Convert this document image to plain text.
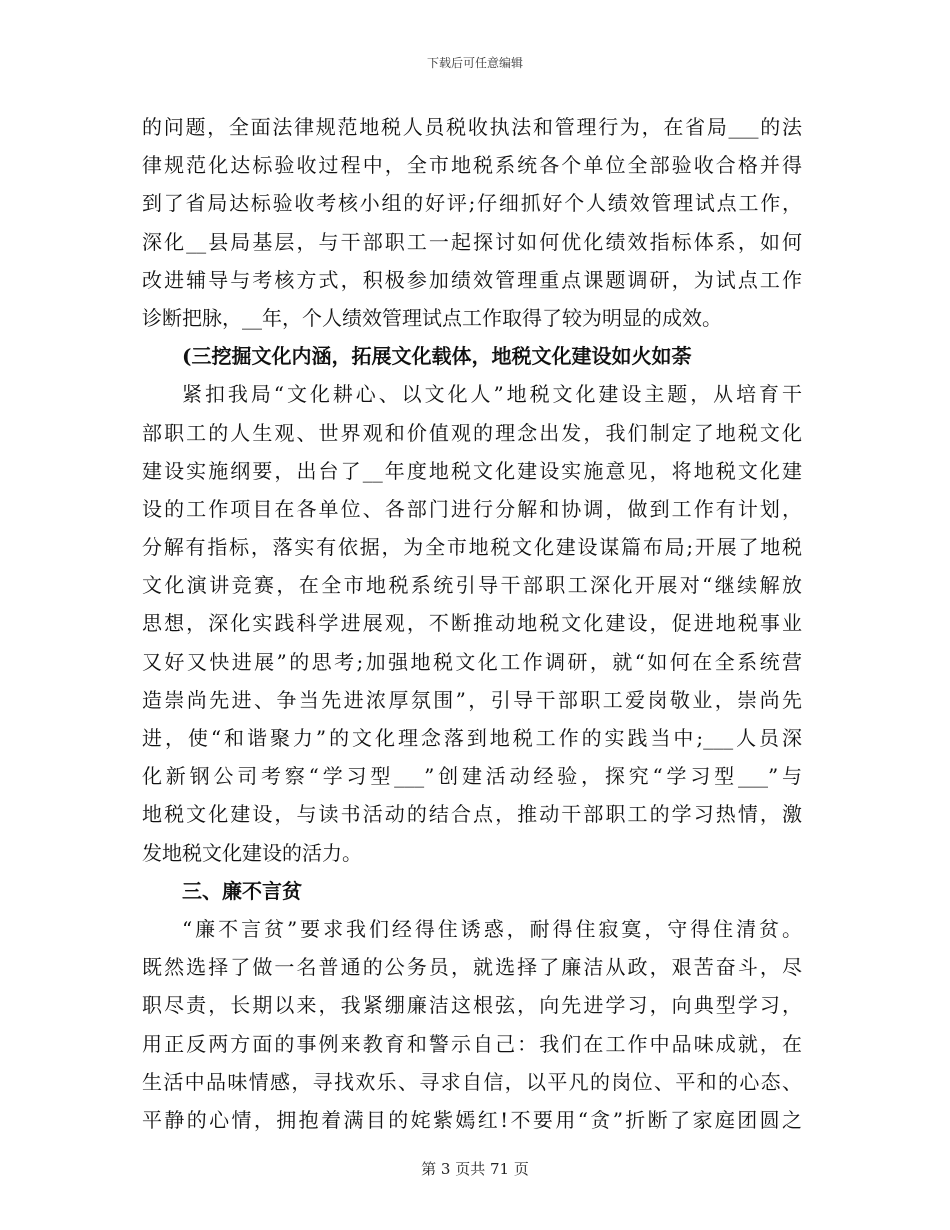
下载后可任意编辑
的问题，全面法律规范地税人员税收执法和管理行为，在省局___的法
律规范化达标验收过程中，全市地税系统各个单位全部验收合格并得
到了省局达标验收考核小组的好评;仔细抓好个人绩效管理试点工作，
深化__县局基层，与干部职工一起探讨如何优化绩效指标体系，如何
改进辅导与考核方式，积极参加绩效管理重点课题调研，为试点工作
诊断把脉，__年，个人绩效管理试点工作取得了较为明显的成效。
(三挖掘文化内涵，拓展文化载体，地税文化建设如火如荼
紧扣我局“文化耕心、以文化人”地税文化建设主题，从培育干
部职工的人生观、世界观和价值观的理念出发，我们制定了地税文化
建设实施纲要，出台了__年度地税文化建设实施意见，将地税文化建
设的工作项目在各单位、各部门进行分解和协调，做到工作有计划，
分解有指标，落实有依据，为全市地税文化建设谋篇布局;开展了地税
文化演讲竞赛，在全市地税系统引导干部职工深化开展对“继续解放
思想，深化实践科学进展观，不断推动地税文化建设，促进地税事业
又好又快进展”的思考;加强地税文化工作调研，就“如何在全系统营
造崇尚先进、争当先进浓厚氛围”，引导干部职工爱岗敬业，崇尚先
进，使“和谐聚力”的文化理念落到地税工作的实践当中;___人员深
化新钢公司考察“学习型___”创建活动经验，探究“学习型___”与
地税文化建设，与读书活动的结合点，推动干部职工的学习热情，激
发地税文化建设的活力。
三、廉不言贫
“廉不言贫”要求我们经得住诱惑，耐得住寂寞，守得住清贫。
既然选择了做一名普通的公务员，就选择了廉洁从政，艰苦奋斗，尽
职尽责，长期以来，我紧绷廉洁这根弦，向先进学习，向典型学习，
用正反两方面的事例来教育和警示自己：我们在工作中品味成就，在
生活中品味情感，寻找欢乐、寻求自信，以平凡的岗位、平和的心态、
平静的心情，拥抱着满目的姹紫嫣红!不要用“贪”折断了家庭团圆之
第 3 页共 71 页
